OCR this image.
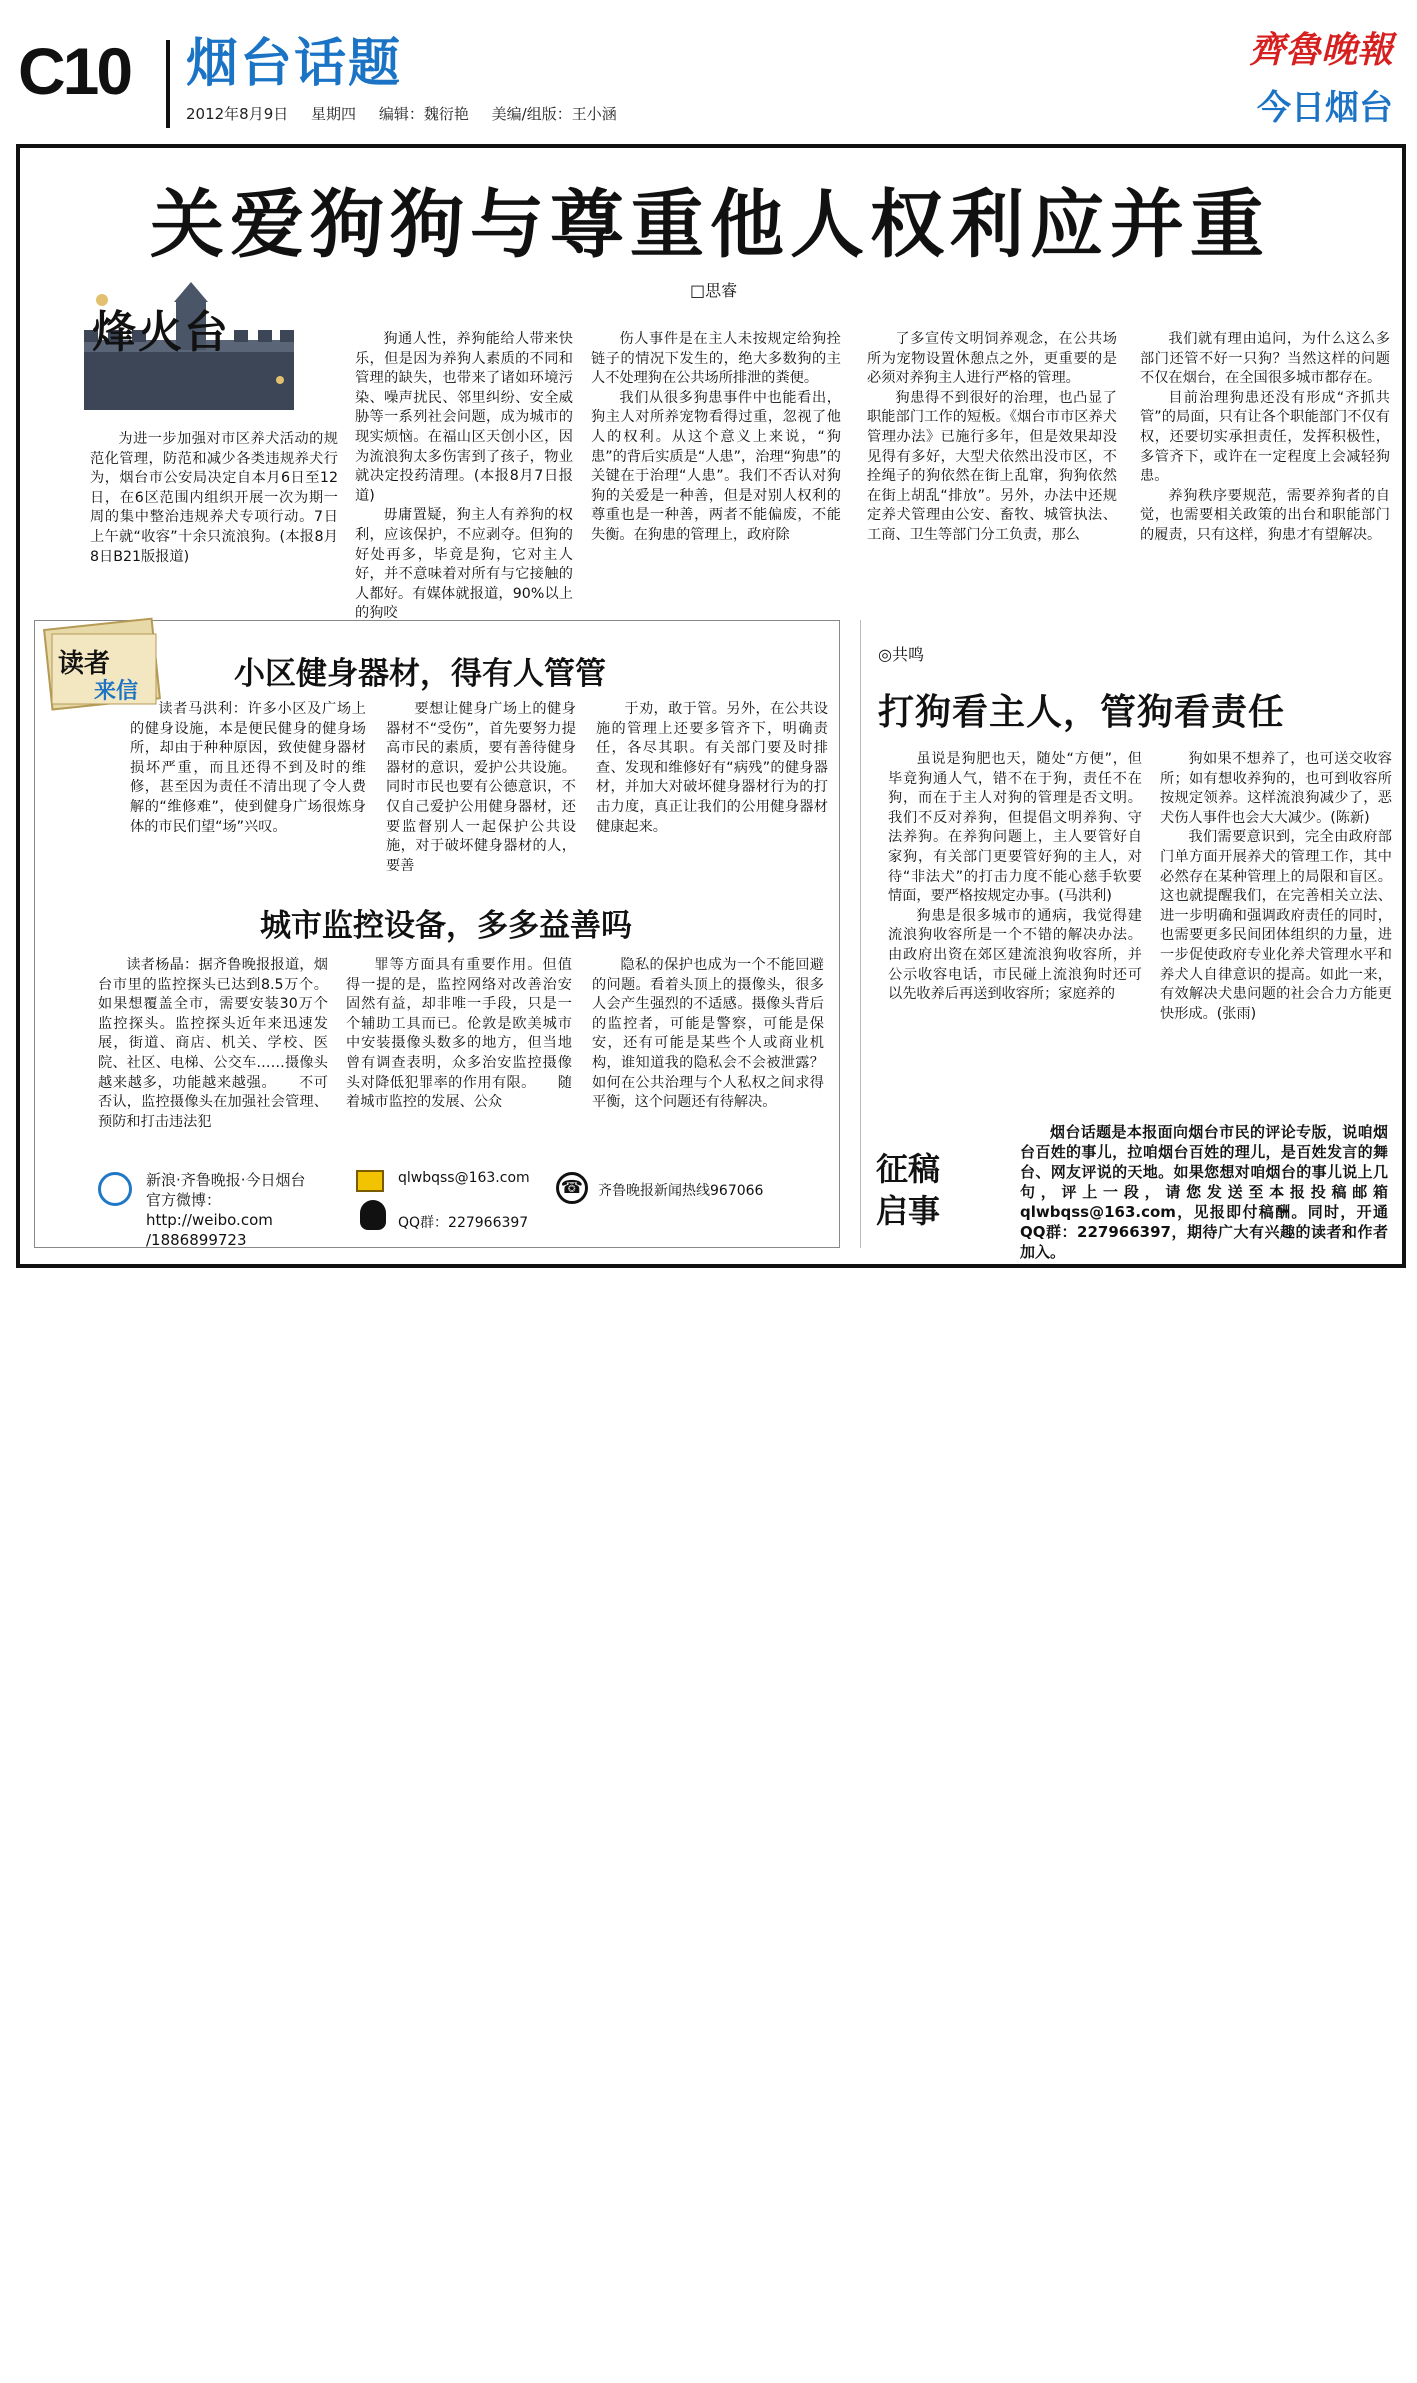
C10 烟台话题
2012年8月9日 星期四 编辑：魏衍艳 美编/组版：王小涵
齊魯晚報
今日烟台
关爱狗狗与尊重他人权利应并重
□思睿
烽火台

为进一步加强对市区养犬活动的规范化管理，防范和减少各类违规养犬行为，烟台市公安局决定自本月6日至12日，在6区范围内组织开展一次为期一周的集中整治违规养犬专项行动。7日上午就“收容”十余只流浪狗。(本报8月8日B21版报道)

狗通人性，养狗能给人带来快乐，但是因为养狗人素质的不同和管理的缺失，也带来了诸如环境污染、噪声扰民、邻里纠纷、安全威胁等一系列社会问题，成为城市的现实烦恼。在福山区天创小区，因为流浪狗太多伤害到了孩子，物业就决定投药清理。(本报8月7日报道)

毋庸置疑，狗主人有养狗的权利，应该保护，不应剥夺。但狗的好处再多，毕竟是狗，它对主人好，并不意味着对所有与它接触的人都好。有媒体就报道，90%以上的狗咬

伤人事件是在主人未按规定给狗拴链子的情况下发生的，绝大多数狗的主人不处理狗在公共场所排泄的粪便。

我们从很多狗患事件中也能看出，狗主人对所养宠物看得过重，忽视了他人的权利。从这个意义上来说，“狗患”的背后实质是“人患”，治理“狗患”的关键在于治理“人患”。我们不否认对狗狗的关爱是一种善，但是对别人权利的尊重也是一种善，两者不能偏废，不能失衡。在狗患的管理上，政府除

了多宣传文明饲养观念，在公共场所为宠物设置休憩点之外，更重要的是必须对养狗主人进行严格的管理。

狗患得不到很好的治理，也凸显了职能部门工作的短板。《烟台市市区养犬管理办法》已施行多年，但是效果却没见得有多好，大型犬依然出没市区，不拴绳子的狗依然在街上乱窜，狗狗依然在街上胡乱“排放”。另外，办法中还规定养犬管理由公安、畜牧、城管执法、工商、卫生等部门分工负责，那么

我们就有理由追问，为什么这么多部门还管不好一只狗？当然这样的问题不仅在烟台，在全国很多城市都存在。

目前治理狗患还没有形成“齐抓共管”的局面，只有让各个职能部门不仅有权，还要切实承担责任，发挥积极性，多管齐下，或许在一定程度上会减轻狗患。

养狗秩序要规范，需要养狗者的自觉，也需要相关政策的出台和职能部门的履责，只有这样，狗患才有望解决。

读者
来信	小区健身器材，得有人管管

读者马洪利：许多小区及广场上的健身设施，本是便民健身的健身场所，却由于种种原因，致使健身器材损坏严重，而且还得不到及时的维修，甚至因为责任不清出现了令人费解的“维修难”，使到健身广场很炼身体的市民们望“场”兴叹。

要想让健身广场上的健身器材不“受伤”，首先要努力提高市民的素质，要有善待健身器材的意识，爱护公共设施。同时市民也要有公德意识，不仅自己爱护公用健身器材，还要监督别人一起保护公共设施，对于破坏健身器材的人，要善

于劝，敢于管。另外，在公共设施的管理上还要多管齐下，明确责任，各尽其职。有关部门要及时排查、发现和维修好有“病残”的健身器材，并加大对破坏健身器材行为的打击力度，真正让我们的公用健身器材健康起来。

城市监控设备，多多益善吗

读者杨晶：据齐鲁晚报报道，烟台市里的监控探头已达到8.5万个。如果想覆盖全市，需要安装30万个监控探头。监控探头近年来迅速发展，街道、商店、机关、学校、医院、社区、电梯、公交车……摄像头越来越多，功能越来越强。　　不可否认，监控摄像头在加强社会管理、预防和打击违法犯

罪等方面具有重要作用。但值得一提的是，监控网络对改善治安固然有益，却非唯一手段，只是一个辅助工具而已。伦敦是欧美城市中安装摄像头数多的地方，但当地曾有调查表明，众多治安监控摄像头对降低犯罪率的作用有限。　　随着城市监控的发展、公众

隐私的保护也成为一个不能回避的问题。看着头顶上的摄像头，很多人会产生强烈的不适感。摄像头背后的监控者，可能是警察，可能是保安，还有可能是某些个人或商业机构，谁知道我的隐私会不会被泄露？如何在公共治理与个人私权之间求得平衡，这个问题还有待解决。

新浪·齐鲁晚报·今日烟台
官方微博：http://weibo.com
/1886899723
qlwbqss@163.com
QQ群：227966397
☎	齐鲁晚报新闻热线967066
◎共鸣
打狗看主人，管狗看责任

虽说是狗肥也天，随处“方便”，但毕竟狗通人气，错不在于狗，责任不在狗，而在于主人对狗的管理是否文明。我们不反对养狗，但提倡文明养狗、守法养狗。在养狗问题上，主人要管好自家狗，有关部门更要管好狗的主人，对待“非法犬”的打击力度不能心慈手软要情面，要严格按规定办事。(马洪利)

狗患是很多城市的通病，我觉得建流浪狗收容所是一个不错的解决办法。由政府出资在郊区建流浪狗收容所，并公示收容电话，市民碰上流浪狗时还可以先收养后再送到收容所；家庭养的

狗如果不想养了，也可送交收容所；如有想收养狗的，也可到收容所按规定领养。这样流浪狗减少了，恶犬伤人事件也会大大减少。(陈新)

我们需要意识到，完全由政府部门单方面开展养犬的管理工作，其中必然存在某种管理上的局限和盲区。这也就提醒我们，在完善相关立法、进一步明确和强调政府责任的同时，也需要更多民间团体组织的力量，进一步促使政府专业化养犬管理水平和养犬人自律意识的提高。如此一来，有效解决犬患问题的社会合力方能更快形成。(张雨)

征稿启事
烟台话题是本报面向烟台市民的评论专版，说咱烟台百姓的事儿，拉咱烟台百姓的理儿，是百姓发言的舞台、网友评说的天地。如果您想对咱烟台的事儿说上几句，评上一段，请您发送至本报投稿邮箱qlwbqss@163.com，见报即付稿酬。同时，开通QQ群：227966397，期待广大有兴趣的读者和作者加入。
